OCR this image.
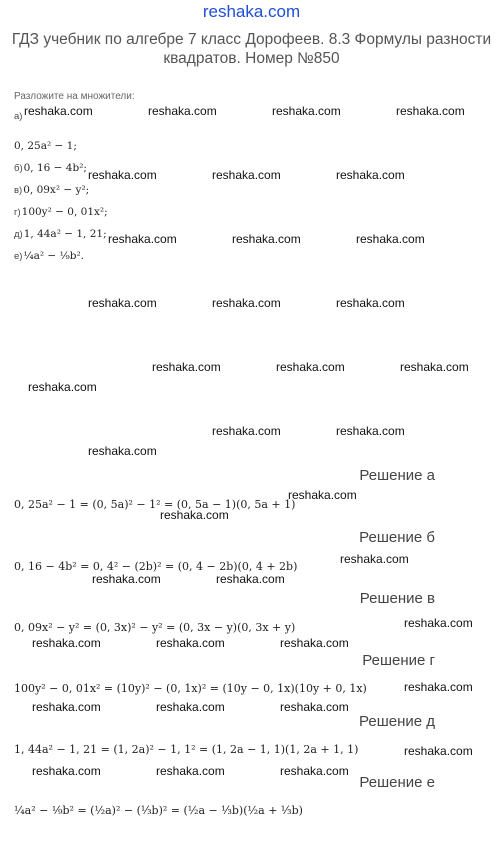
reshaka.com
ГДЗ учебник по алгебре 7 класс Дорофеев. 8.3 Формулы разности квадратов. Номер №850
Разложите на множители:
а)
0, 25a² − 1;
б)0, 16 − 4b²;
в)0, 09x² − y²;
г)100y² − 0, 01x²;
д)1, 44a² − 1, 21;
е)¼a² − ¹⁄₉b².
reshaka.com	reshaka.com	reshaka.com	reshaka.com
reshaka.com	reshaka.com	reshaka.com
reshaka.com	reshaka.com	reshaka.com
reshaka.com	reshaka.com	reshaka.com
reshaka.com	reshaka.com	reshaka.com
reshaka.com
reshaka.com	reshaka.com
reshaka.com
Решение а
0, 25a² − 1 = (0, 5a)² − 1² = (0, 5a − 1)(0, 5a + 1)
reshaka.com
reshaka.com
Решение б
0, 16 − 4b² = 0, 4² − (2b)² = (0, 4 − 2b)(0, 4 + 2b)
reshaka.com
reshaka.com	reshaka.com
Решение в
0, 09x² − y² = (0, 3x)² − y² = (0, 3x − y)(0, 3x + y)	reshaka.com
reshaka.com	reshaka.com	reshaka.com
Решение г
100y² − 0, 01x² = (10y)² − (0, 1x)² = (10y − 0, 1x)(10y + 0, 1x)	reshaka.com
reshaka.com	reshaka.com	reshaka.com
Решение д
1, 44a² − 1, 21 = (1, 2a)² − 1, 1² = (1, 2a − 1, 1)(1, 2a + 1, 1)	reshaka.com
reshaka.com	reshaka.com	reshaka.com
Решение е
¼a² − ¹⁄₉b² = (½a)² − (⅓b)² = (½a − ⅓b)(½a + ⅓b)
